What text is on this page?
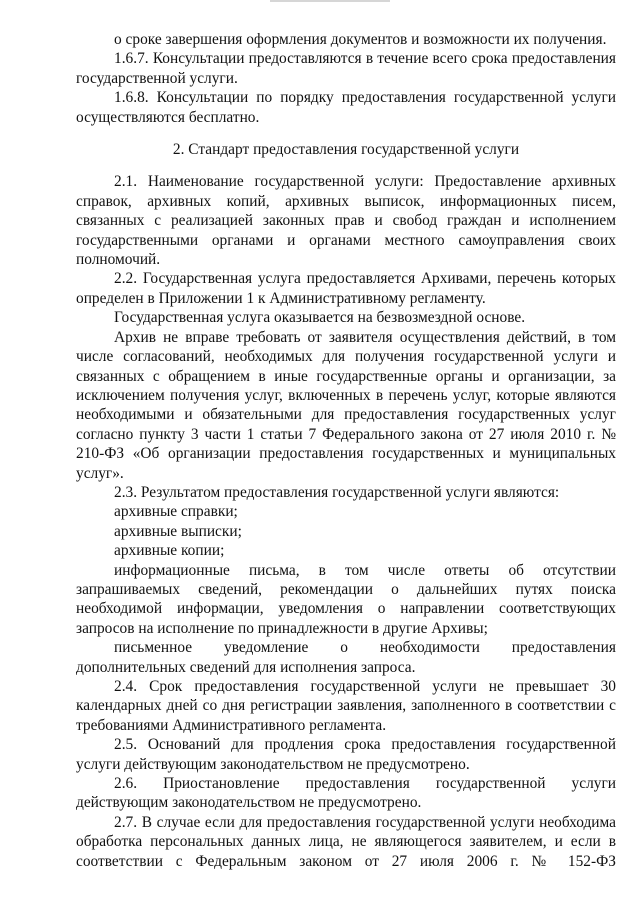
о сроке завершения оформления документов и возможности их получения.

1.6.7. Консультации предоставляются в течение всего срока предоставления государственной услуги.

1.6.8. Консультации по порядку предоставления государственной услуги осуществляются бесплатно.

2. Стандарт предоставления государственной услуги

2.1. Наименование государственной услуги: Предоставление архивных справок, архивных копий, архивных выписок, информационных писем, связанных с реализацией законных прав и свобод граждан и исполнением государственными органами и органами местного самоуправления своих полномочий.

2.2. Государственная услуга предоставляется Архивами, перечень которых определен в Приложении 1 к Административному регламенту.

Государственная услуга оказывается на безвозмездной основе.

Архив не вправе требовать от заявителя осуществления действий, в том числе согласований, необходимых для получения государственной услуги и связанных с обращением в иные государственные органы и организации, за исключением получения услуг, включенных в перечень услуг, которые являются необходимыми и обязательными для предоставления государственных услуг согласно пункту 3 части 1 статьи 7 Федерального закона от 27 июля 2010 г. № 210-ФЗ «Об организации предоставления государственных и муниципальных услуг».

2.3. Результатом предоставления государственной услуги являются:

архивные справки;

архивные выписки;

архивные копии;

информационные письма, в том числе ответы об отсутствии запрашиваемых сведений, рекомендации о дальнейших путях поиска необходимой информации, уведомления о направлении соответствующих запросов на исполнение по принадлежности в другие Архивы;

письменное уведомление о необходимости предоставления дополнительных сведений для исполнения запроса.

2.4. Срок предоставления государственной услуги не превышает 30 календарных дней со дня регистрации заявления, заполненного в соответствии с требованиями Административного регламента.

2.5. Оснований для продления срока предоставления государственной услуги действующим законодательством не предусмотрено.

2.6. Приостановление предоставления государственной услуги действующим законодательством не предусмотрено.

2.7. В случае если для предоставления государственной услуги необходима обработка персональных данных лица, не являющегося заявителем, и если в соответствии с Федеральным законом от 27 июля 2006 г. № 152-ФЗ
